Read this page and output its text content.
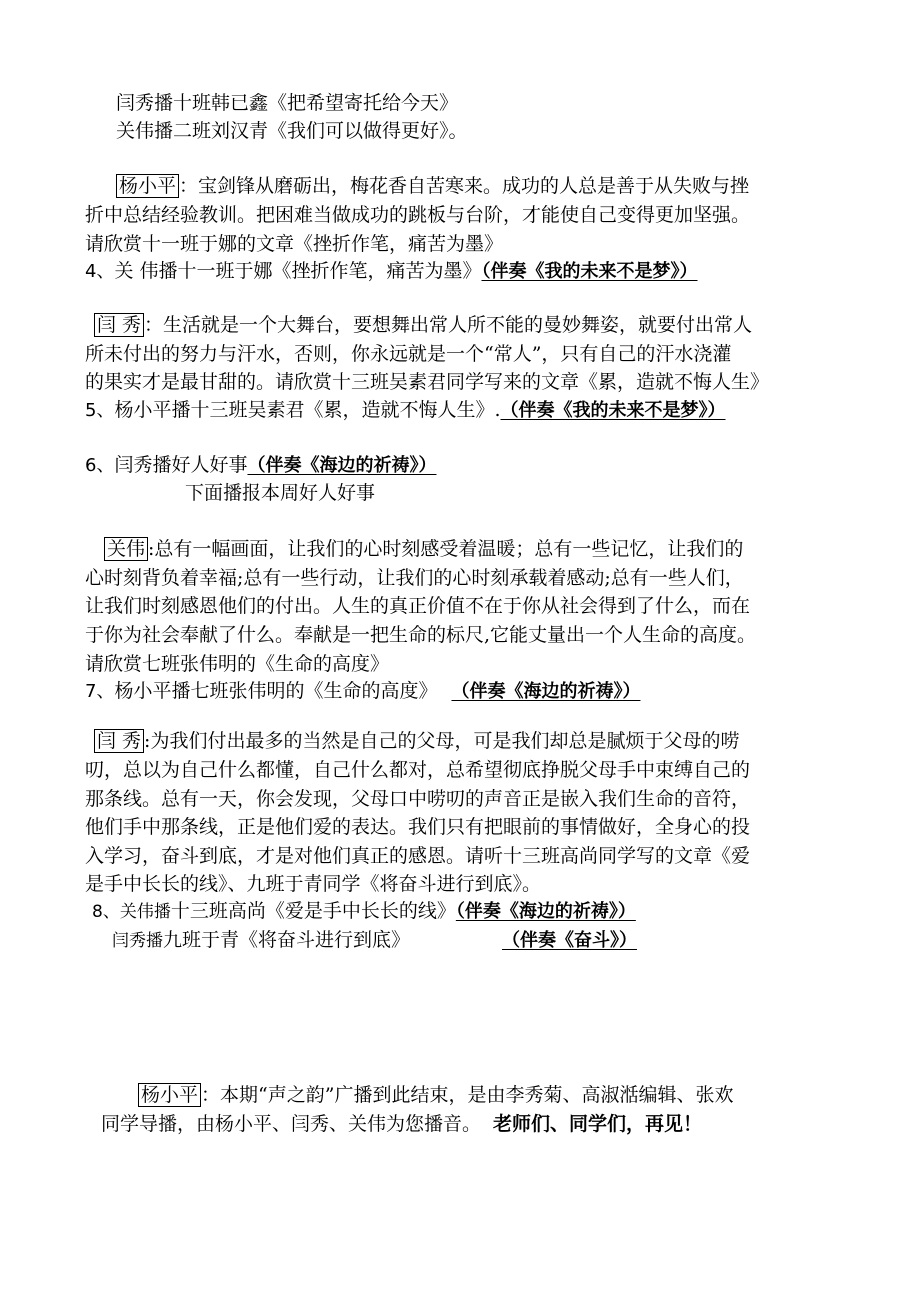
闫秀播十班韩已鑫《把希望寄托给今天》
关伟播二班刘汉青《我们可以做得更好》。
杨小平 ：宝剑锋从磨砺出，梅花香自苦寒来。成功的人总是善于从失败与挫
折中总结经验教训。把困难当做成功的跳板与台阶，才能使自己变得更加坚强。
请欣赏十一班于娜的文章《挫折作笔，痛苦为墨》
4、关 伟播十一班于娜《挫折作笔，痛苦为墨》（伴奏《我的未来不是梦》）
闫 秀 ：生活就是一个大舞台，要想舞出常人所不能的曼妙舞姿，就要付出常人
所未付出的努力与汗水，否则，你永远就是一个“常人”，只有自己的汗水浇灌
的果实才是最甘甜的。请欣赏十三班吴素君同学写来的文章《累，造就不悔人生》
5、杨小平播十三班吴素君《累，造就不悔人生》.（伴奏《我的未来不是梦》）
6、闫秀播好人好事（伴奏《海边的祈祷》）
下面播报本周好人好事
关伟 :总有一幅画面，让我们的心时刻感受着温暖；总有一些记忆，让我们的
心时刻背负着幸福;总有一些行动，让我们的心时刻承载着感动;总有一些人们，
让我们时刻感恩他们的付出。人生的真正价值不在于你从社会得到了什么，而在
于你为社会奉献了什么。奉献是一把生命的标尺,它能丈量出一个人生命的高度。
请欣赏七班张伟明的《生命的高度》
7、杨小平播七班张伟明的《生命的高度》 （伴奏《海边的祈祷》）
闫 秀 :为我们付出最多的当然是自己的父母，可是我们却总是腻烦于父母的唠
叨，总以为自己什么都懂，自己什么都对，总希望彻底挣脱父母手中束缚自己的
那条线。总有一天，你会发现，父母口中唠叨的声音正是嵌入我们生命的音符，
他们手中那条线，正是他们爱的表达。我们只有把眼前的事情做好，全身心的投
入学习，奋斗到底，才是对他们真正的感恩。请听十三班高尚同学写的文章《爱
是手中长长的线》、九班于青同学《将奋斗进行到底》。
8、关伟播十三班高尚《爱是手中长长的线》（伴奏《海边的祈祷》）
闫秀播九班于青《将奋斗进行到底》	（伴奏《奋斗》）
杨小平 ：本期“声之韵”广播到此结束，是由李秀菊、高淑湉编辑、张欢
同学导播，由杨小平、闫秀、关伟为您播音。 老师们、同学们，再见！
